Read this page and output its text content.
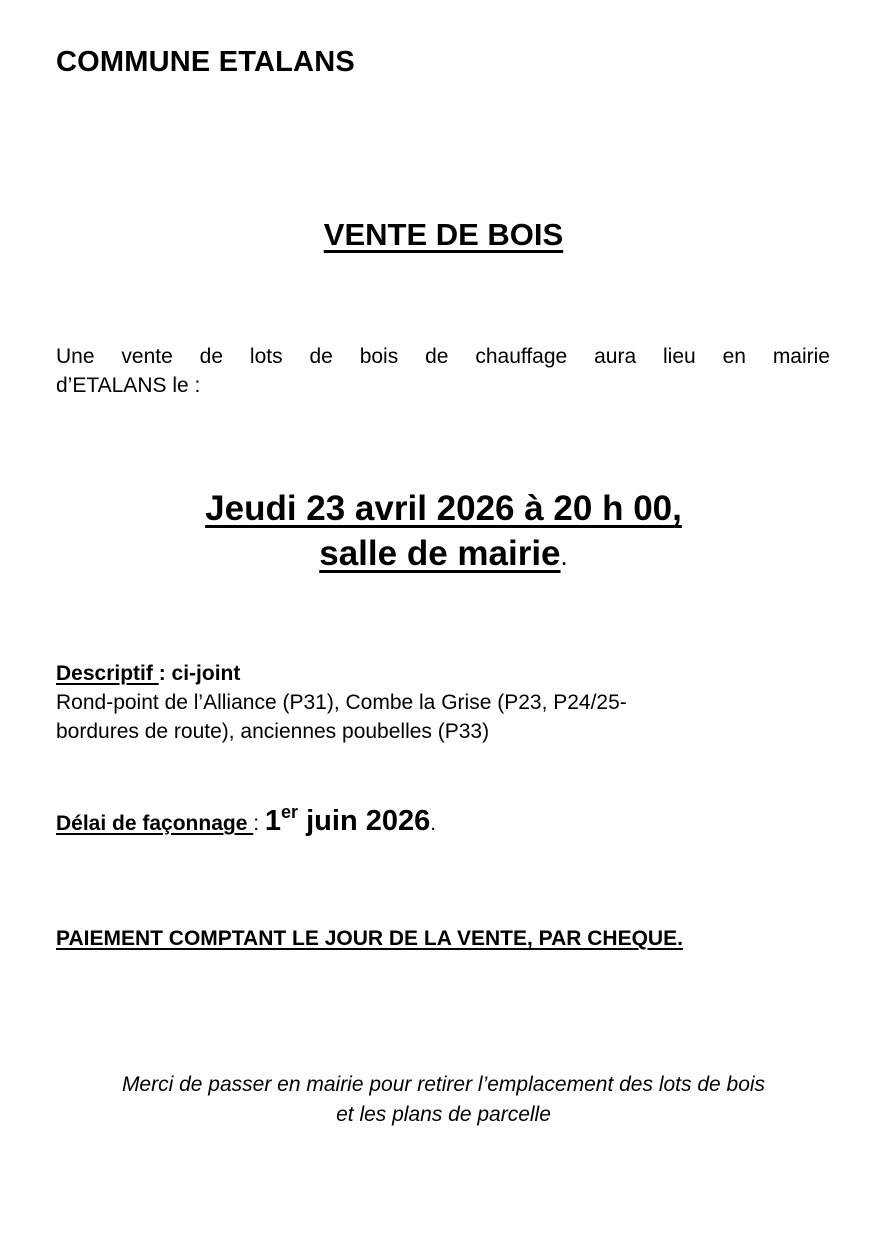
COMMUNE ETALANS
VENTE DE BOIS
Une vente de lots de bois de chauffage aura lieu en mairie
d’ETALANS le :
Jeudi 23 avril 2026 à 20 h 00,
salle de mairie.
Descriptif : ci-joint
Rond-point de l’Alliance (P31), Combe la Grise (P23, P24/25-
bordures de route), anciennes poubelles (P33)
Délai de façonnage : 1er juin 2026.
PAIEMENT COMPTANT LE JOUR DE LA VENTE, PAR CHEQUE.
Merci de passer en mairie pour retirer l’emplacement des lots de bois
et les plans de parcelle
